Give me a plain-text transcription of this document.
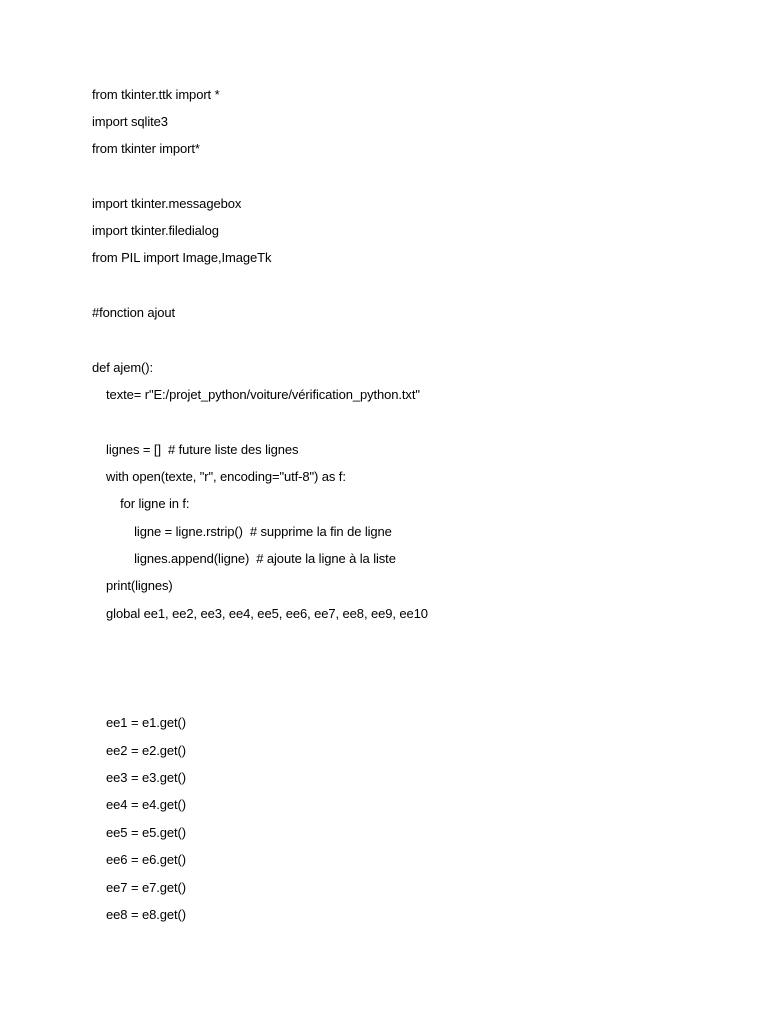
from tkinter.ttk import *
import sqlite3
from tkinter import*
import tkinter.messagebox
import tkinter.filedialog
from PIL import Image,ImageTk
#fonction ajout
def ajem():
texte= r"E:/projet_python/voiture/vérification_python.txt"
lignes = []  # future liste des lignes
with open(texte, "r", encoding="utf-8") as f:
for ligne in f:
ligne = ligne.rstrip()  # supprime la fin de ligne
lignes.append(ligne)  # ajoute la ligne à la liste
print(lignes)
global ee1, ee2, ee3, ee4, ee5, ee6, ee7, ee8, ee9, ee10
ee1 = e1.get()
ee2 = e2.get()
ee3 = e3.get()
ee4 = e4.get()
ee5 = e5.get()
ee6 = e6.get()
ee7 = e7.get()
ee8 = e8.get()
